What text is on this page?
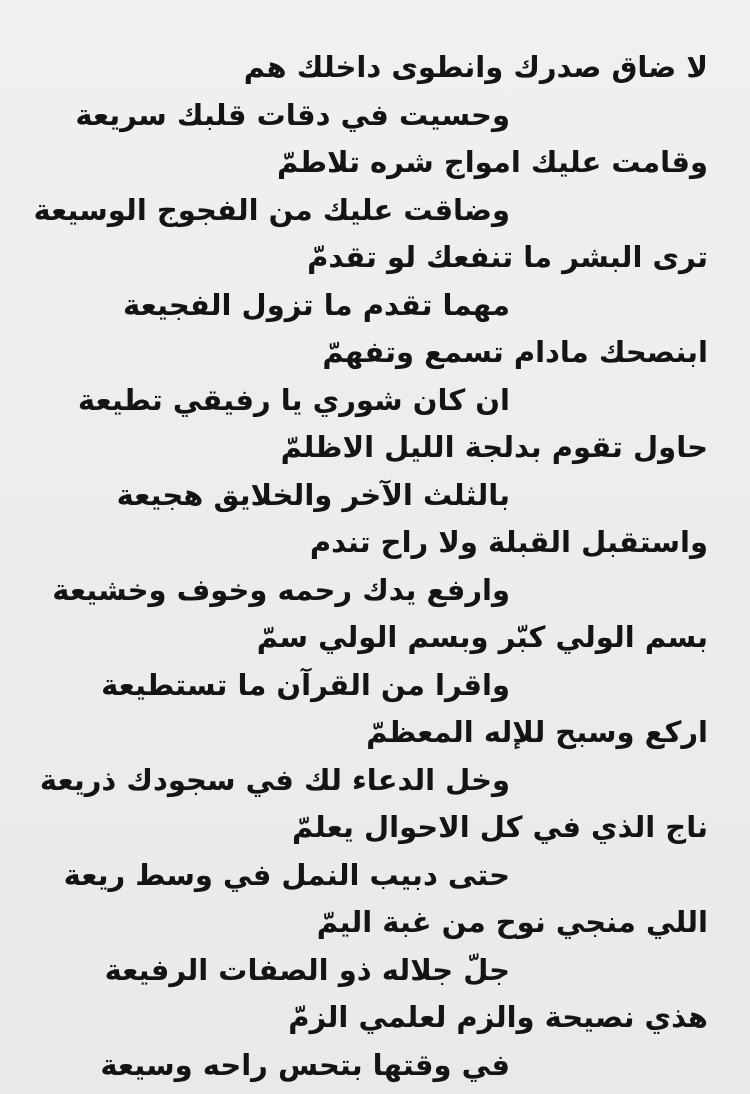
لا ضاق صدرك وانطوى داخلك هم
وحسيت في دقات قلبك سريعة
وقامت عليك امواج شره تلاطمّ
وضاقت عليك من الفجوج الوسيعة
ترى البشر ما تنفعك لو تقدمّ
مهما تقدم ما تزول الفجيعة
ابنصحك مادام تسمع وتفهمّ
ان كان شوري يا رفيقي تطيعة
حاول تقوم بدلجة الليل الاظلمّ
بالثلث الآخر والخلايق هجيعة
واستقبل القبلة ولا راح تندم
وارفع يدك رحمه وخوف وخشيعة
بسم الولي كبّر وبسم الولي سمّ
واقرا من القرآن ما تستطيعة
اركع وسبح للإله المعظمّ
وخل الدعاء لك في سجودك ذريعة
ناج الذي في كل الاحوال يعلمّ
حتى دبيب النمل في وسط ريعة
اللي منجي نوح من غبة اليمّ
جلّ جلاله ذو الصفات الرفيعة
هذي نصيحة والزم لعلمي الزمّ
في وقتها بتحس راحه وسيعة
